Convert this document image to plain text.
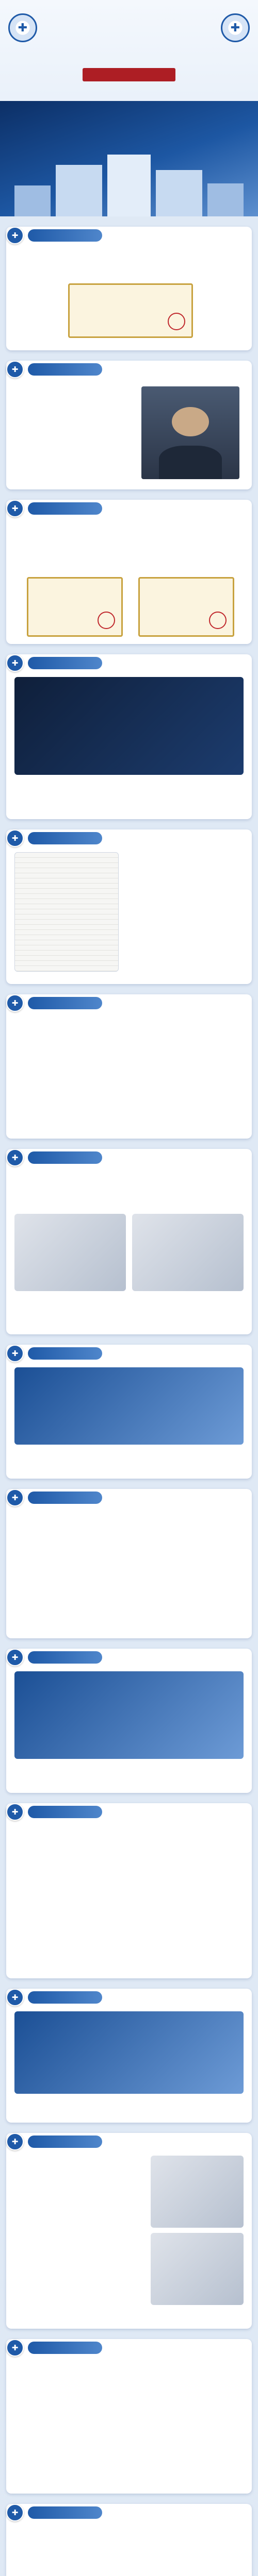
✚	✚
✚
✚
✚
✚
✚
✚
✚
✚
✚
✚
✚
✚
✚
✚
✚
